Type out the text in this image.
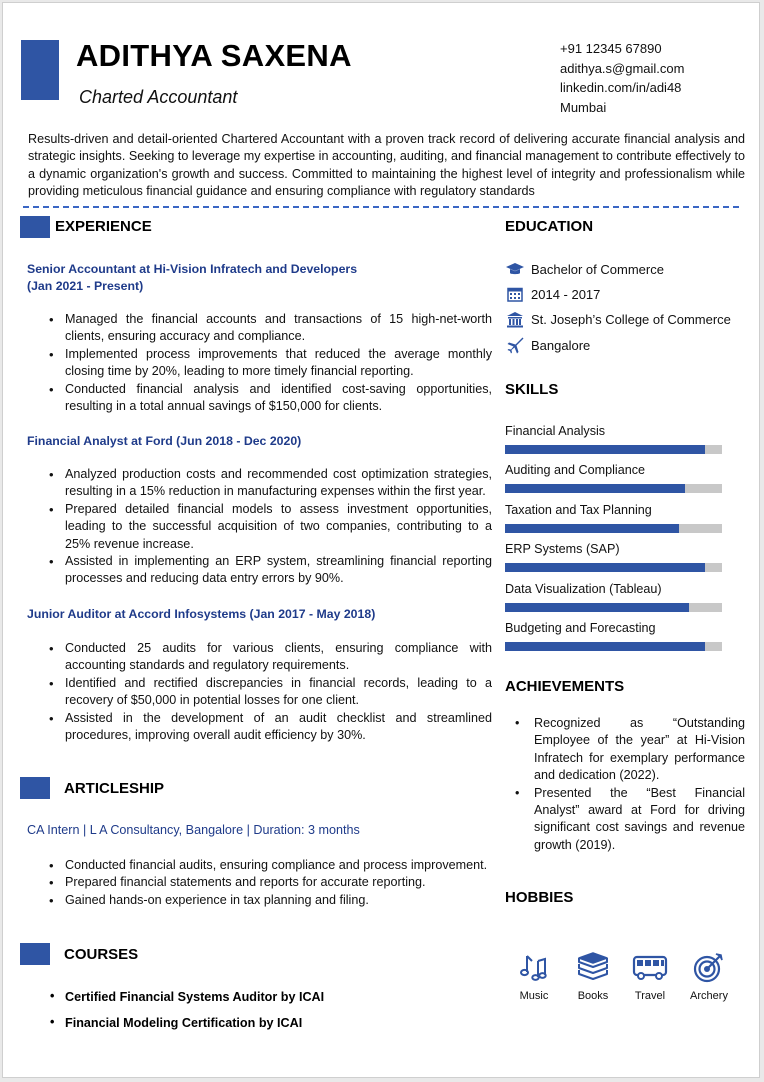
ADITHYA SAXENA
Charted Accountant
+91 12345 67890
adithya.s@gmail.com
linkedin.com/in/adi48
Mumbai
Results-driven and detail-oriented Chartered Accountant with a proven track record of delivering accurate financial analysis and strategic insights. Seeking to leverage my expertise in accounting, auditing, and financial management to contribute effectively to a dynamic organization's growth and success. Committed to maintaining the highest level of integrity and professionalism while providing meticulous financial guidance and ensuring compliance with regulatory standards
EXPERIENCE
Senior Accountant at Hi-Vision Infratech and Developers
(Jan 2021 - Present)
• Managed the financial accounts and transactions of 15 high-net-worth clients, ensuring accuracy and compliance.
• Implemented process improvements that reduced the average monthly closing time by 20%, leading to more timely financial reporting.
• Conducted financial analysis and identified cost-saving opportunities, resulting in a total annual savings of $150,000 for clients.
Financial Analyst at Ford (Jun 2018 - Dec 2020)
• Analyzed production costs and recommended cost optimization strategies, resulting in a 15% reduction in manufacturing expenses within the first year.
• Prepared detailed financial models to assess investment opportunities, leading to the successful acquisition of two companies, contributing to a 25% revenue increase.
• Assisted in implementing an ERP system, streamlining financial reporting processes and reducing data entry errors by 90%.
Junior Auditor at Accord Infosystems (Jan 2017 - May 2018)
• Conducted 25 audits for various clients, ensuring compliance with accounting standards and regulatory requirements.
• Identified and rectified discrepancies in financial records, leading to a recovery of $50,000 in potential losses for one client.
• Assisted in the development of an audit checklist and streamlined procedures, improving overall audit efficiency by 30%.
ARTICLESHIP
CA Intern | L A Consultancy, Bangalore | Duration: 3 months
• Conducted financial audits, ensuring compliance and process improvement.
• Prepared financial statements and reports for accurate reporting.
• Gained hands-on experience in tax planning and filing.
COURSES
• Certified Financial Systems Auditor by ICAI
• Financial Modeling Certification by ICAI
EDUCATION
Bachelor of Commerce
2014 - 2017
St. Joseph’s College of Commerce
Bangalore
SKILLS
ACHIEVEMENTS
• Recognized as “Outstanding Employee of the year” at Hi-Vision Infratech for exemplary performance and dedication (2022).
• Presented the “Best Financial Analyst” award at Ford for driving significant cost savings and revenue growth (2019).
HOBBIES
Music	Books	Travel	Archery
Financial Analysis
Auditing and Compliance
Taxation and Tax Planning
ERP Systems (SAP)
Data Visualization (Tableau)
Budgeting and Forecasting
